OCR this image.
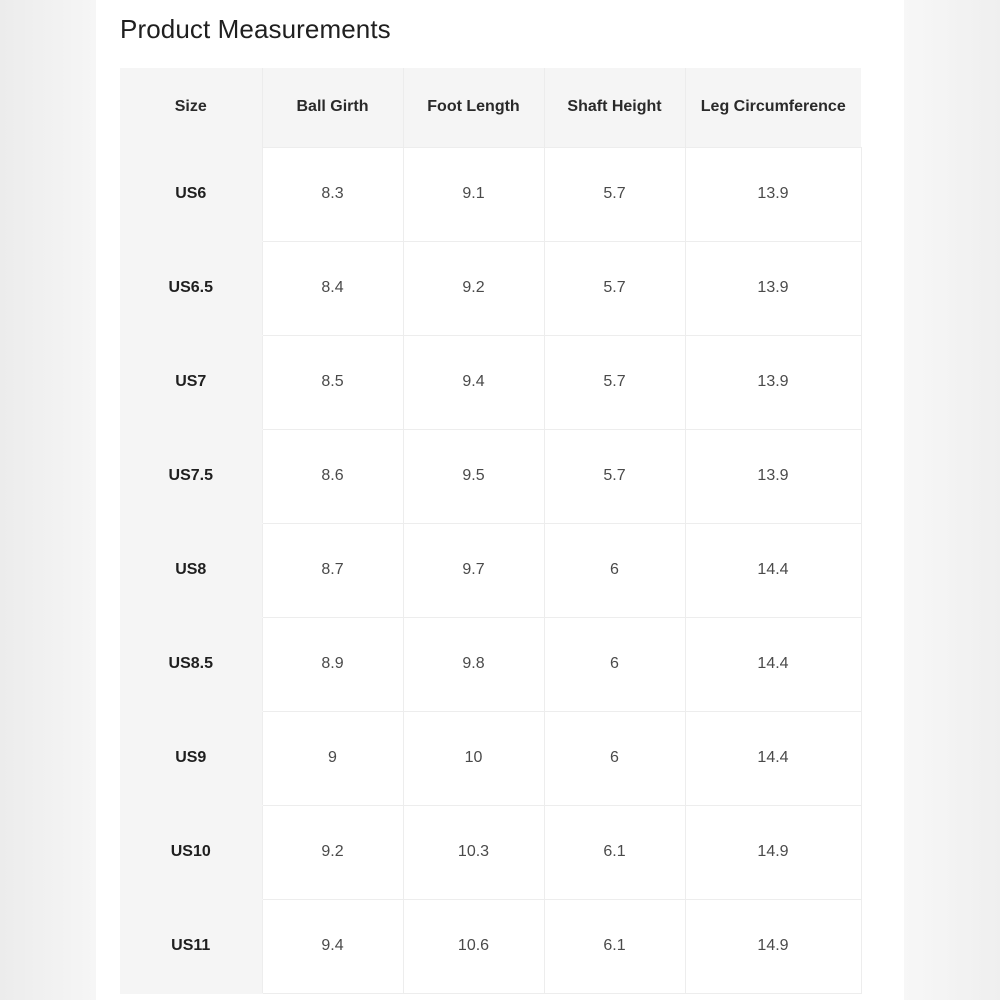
Product Measurements
Size	Ball Girth	Foot Length	Shaft Height	Leg Circumference
US6	8.3	9.1	5.7	13.9
US6.5	8.4	9.2	5.7	13.9
US7	8.5	9.4	5.7	13.9
US7.5	8.6	9.5	5.7	13.9
US8	8.7	9.7	6	14.4
US8.5	8.9	9.8	6	14.4
US9	9	10	6	14.4
US10	9.2	10.3	6.1	14.9
US11	9.4	10.6	6.1	14.9
